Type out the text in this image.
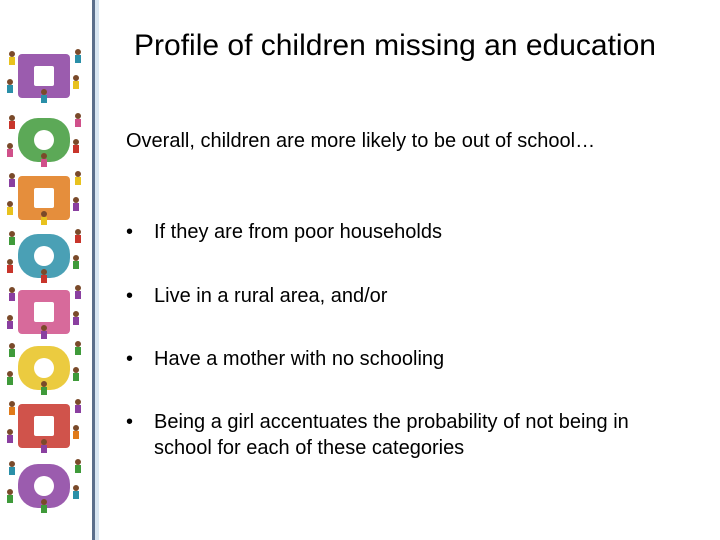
Profile of children missing an education
Overall, children are more likely to be out of school…
•	If they are from poor households
•	Live in a rural area, and/or
•	Have a mother with no schooling
•	Being a girl accentuates the probability of not being in school for each of these categories
